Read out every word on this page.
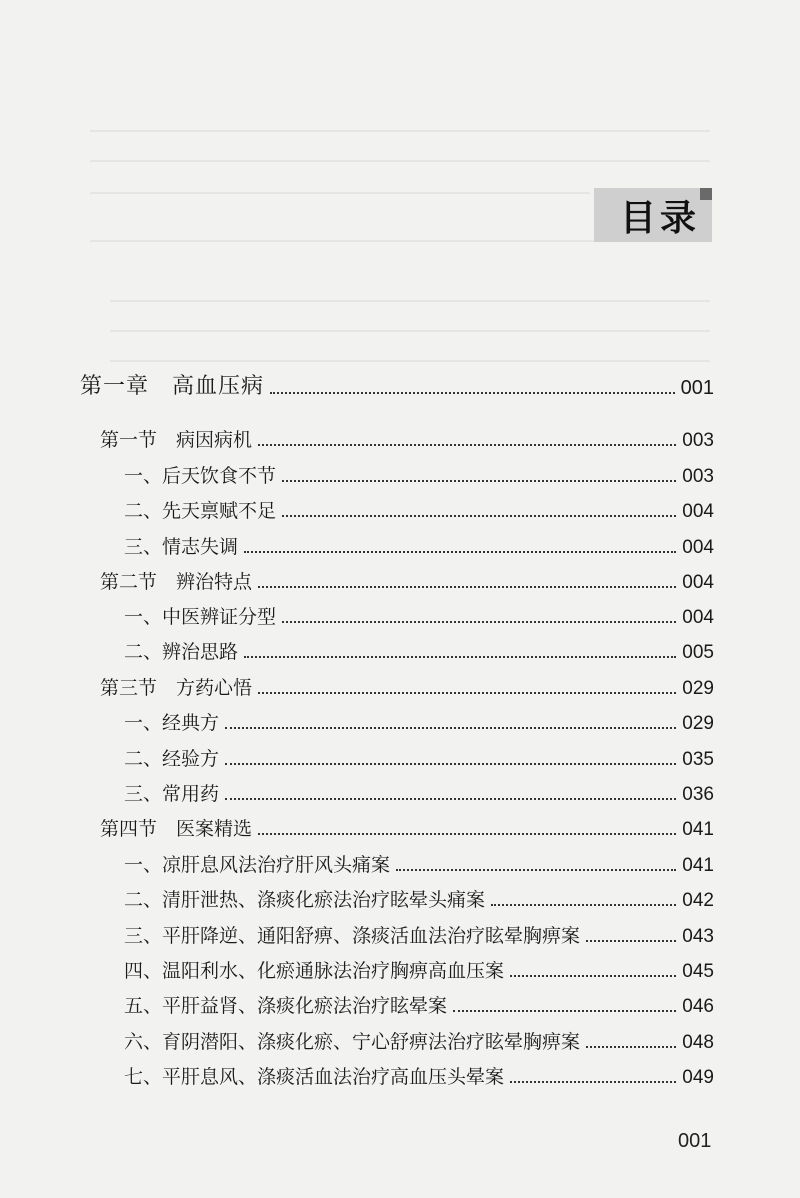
目录
第一章　高血压病	001
第一节　病因病机	003
一、后天饮食不节	003
二、先天禀赋不足	004
三、情志失调	004
第二节　辨治特点	004
一、中医辨证分型	004
二、辨治思路	005
第三节　方药心悟	029
一、经典方	029
二、经验方	035
三、常用药	036
第四节　医案精选	041
一、凉肝息风法治疗肝风头痛案	041
二、清肝泄热、涤痰化瘀法治疗眩晕头痛案	042
三、平肝降逆、通阳舒痹、涤痰活血法治疗眩晕胸痹案	043
四、温阳利水、化瘀通脉法治疗胸痹高血压案	045
五、平肝益肾、涤痰化瘀法治疗眩晕案	046
六、育阴潜阳、涤痰化瘀、宁心舒痹法治疗眩晕胸痹案	048
七、平肝息风、涤痰活血法治疗高血压头晕案	049
001
